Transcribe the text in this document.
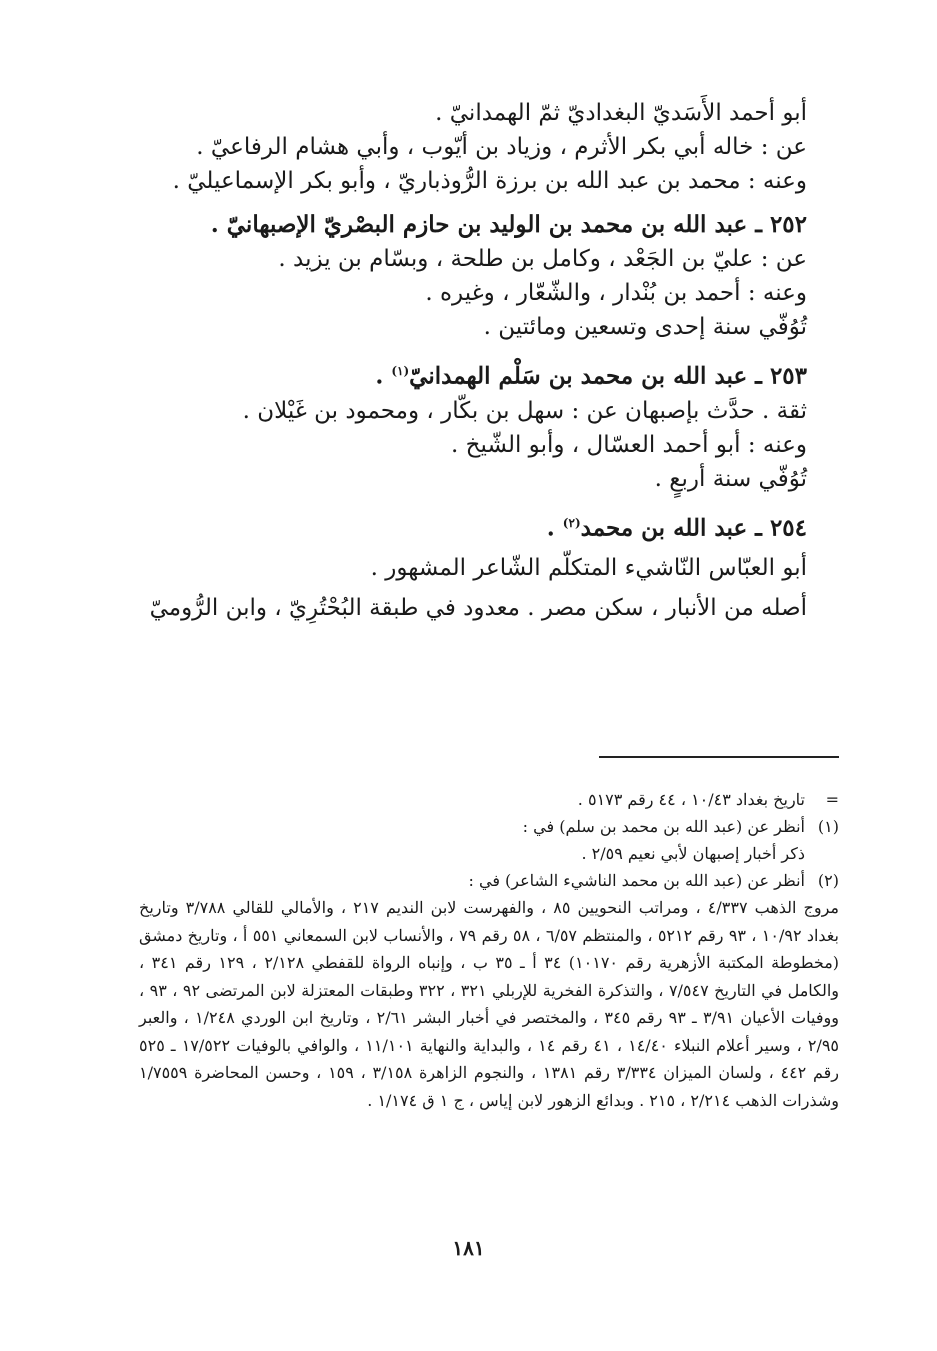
أبو أحمد الأَسَديّ البغداديّ ثمّ الهمدانيّ .

عن : خاله أبي بكر الأثرم ، وزياد بن أيّوب ، وأبي هشام الرفاعيّ .

وعنه : محمد بن عبد الله بن برزة الرُّوذباريّ ، وأبو بكر الإسماعيليّ .

٢٥٢ ـ عبد الله بن محمد بن الوليد بن حازم البصْريّ الإصبهانيّ .

عن : عليّ بن الجَعْد ، وكامل بن طلحة ، وبسّام بن يزيد .

وعنه : أحمد بن بُنْدار ، والشّعّار ، وغيره .

تُوُفّي سنة إحدى وتسعين ومائتين .

٢٥٣ ـ عبد الله بن محمد بن سَلْم الهمدانيّ$^{(١)}$ .

ثقة . حدَّث بإصبهان عن : سهل بن بكّار ، ومحمود بن غَيْلان .

وعنه : أبو أحمد العسّال ، وأبو الشّيخ .

تُوُفّي سنة أربعٍ .

٢٥٤ ـ عبد الله بن محمد$^{(٢)}$ .

أبو العبّاس النّاشيء المتكلّم الشّاعر المشهور .

أصله من الأنبار ، سكن مصر . معدود في طبقة البُحْتُرِيّ ، وابن الرُّوميّ

=تاريخ بغداد ١٠/٤٣ ، ٤٤ رقم ٥١٧٣ .

(١)أنظر عن (عبد الله بن محمد بن سلم) في :

ذكر أخبار إصبهان لأبي نعيم ٢/٥٩ .

(٢)أنظر عن (عبد الله بن محمد الناشيء الشاعر) في :

مروج الذهب ٤/٣٣٧ ، ومراتب النحويين ٨٥ ، والفهرست لابن النديم ٢١٧ ، والأمالي للقالي ٣/٧٨٨ وتاريخ بغداد ١٠/٩٢ ، ٩٣ رقم ٥٢١٢ ، والمنتظم ٦/٥٧ ، ٥٨ رقم ٧٩ ، والأنساب لابن السمعاني ٥٥١ أ ، وتاريخ دمشق (مخطوطة المكتبة الأزهرية رقم ١٠١٧٠) ٣٤ أ ـ ٣٥ ب ، وإنباه الرواة للقفطي ٢/١٢٨ ، ١٢٩ رقم ٣٤١ ، والكامل في التاريخ ٧/٥٤٧ ، والتذكرة الفخرية للإربلي ٣٢١ ، ٣٢٢ وطبقات المعتزلة لابن المرتضى ٩٢ ، ٩٣ ، ووفيات الأعيان ٣/٩١ ـ ٩٣ رقم ٣٤٥ ، والمختصر في أخبار البشر ٢/٦١ ، وتاريخ ابن الوردي ١/٢٤٨ ، والعبر ٢/٩٥ ، وسير أعلام النبلاء ١٤/٤٠ ، ٤١ رقم ١٤ ، والبداية والنهاية ١١/١٠١ ، والوافي بالوفيات ١٧/٥٢٢ ـ ٥٢٥ رقم ٤٤٢ ، ولسان الميزان ٣/٣٣٤ رقم ١٣٨١ ، والنجوم الزاهرة ٣/١٥٨ ، ١٥٩ ، وحسن المحاضرة ١/٧٥٥٩ وشذرات الذهب ٢/٢١٤ ، ٢١٥ . وبدائع الزهور لابن إياس ، ج ١ ق ١/١٧٤ .

١٨١
